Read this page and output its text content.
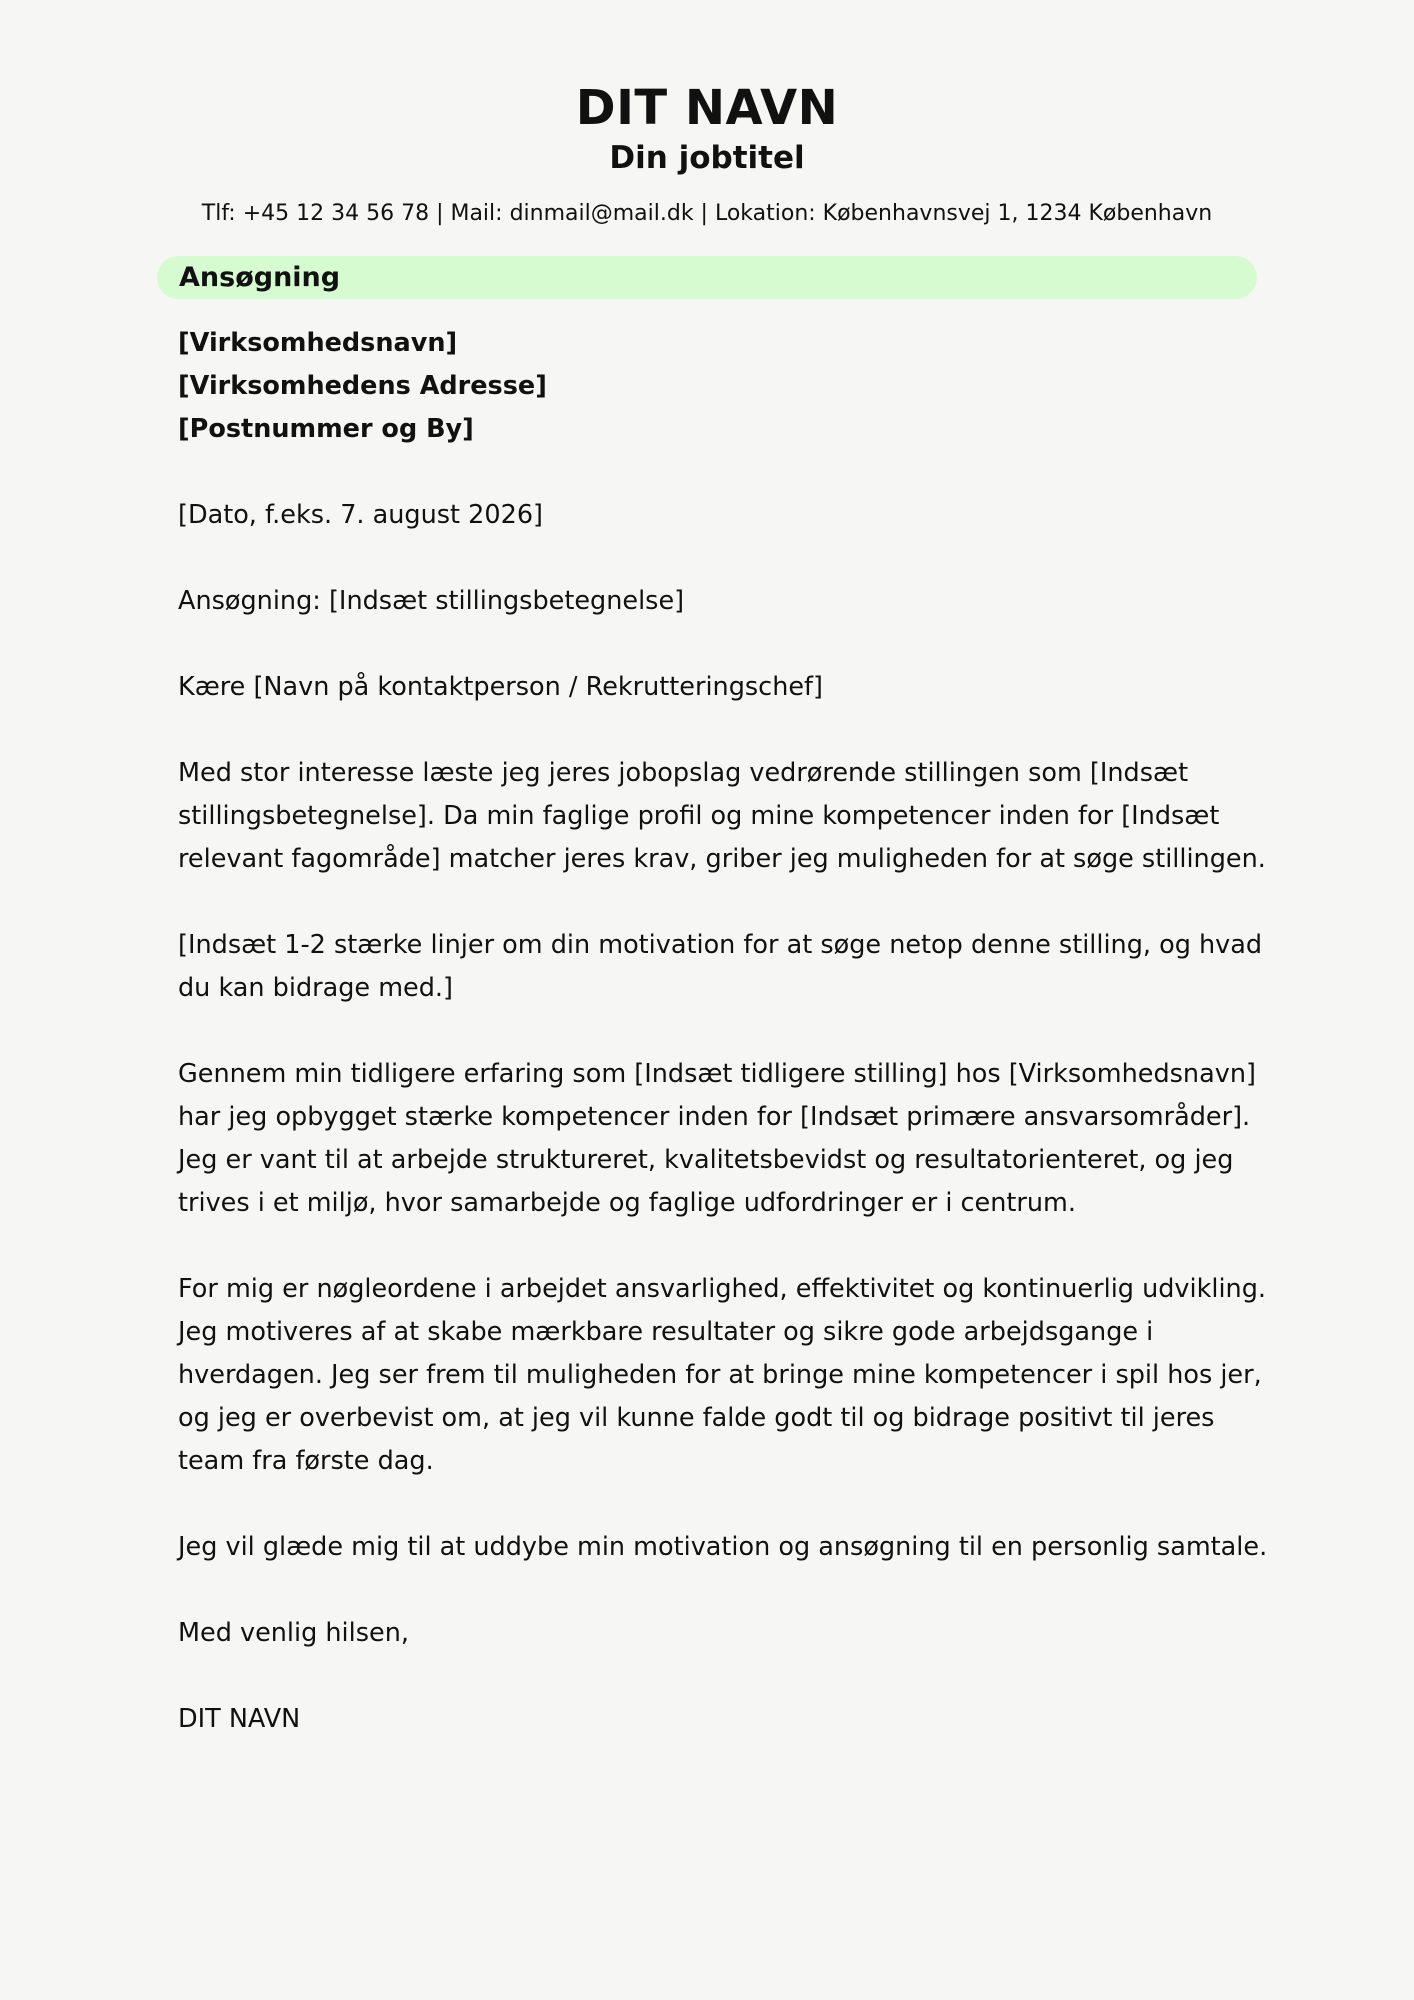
DIT NAVN
Din jobtitel
Tlf: +45 12 34 56 78 | Mail: dinmail@mail.dk | Lokation: Københavnsvej 1, 1234 København
Ansøgning

[Virksomhedsnavn]

[Virksomhedens Adresse]

[Postnummer og By]

[Dato, f.eks. 7. august 2026]

Ansøgning: [Indsæt stillingsbetegnelse]

Kære [Navn på kontaktperson / Rekrutteringschef]

Med stor interesse læste jeg jeres jobopslag vedrørende stillingen som [Indsæt stillingsbetegnelse]. Da min faglige profil og mine kompetencer inden for [Indsæt relevant fagområde] matcher jeres krav, griber jeg muligheden for at søge stillingen.

[Indsæt 1-2 stærke linjer om din motivation for at søge netop denne stilling, og hvad du kan bidrage med.]

Gennem min tidligere erfaring som [Indsæt tidligere stilling] hos [Virksomhedsnavn] har jeg opbygget stærke kompetencer inden for [Indsæt primære ansvarsområder]. Jeg er vant til at arbejde struktureret, kvalitetsbevidst og resultatorienteret, og jeg trives i et miljø, hvor samarbejde og faglige udfordringer er i centrum.

For mig er nøgleordene i arbejdet ansvarlighed, effektivitet og kontinuerlig udvikling. Jeg motiveres af at skabe mærkbare resultater og sikre gode arbejdsgange i hverdagen. Jeg ser frem til muligheden for at bringe mine kompetencer i spil hos jer, og jeg er overbevist om, at jeg vil kunne falde godt til og bidrage positivt til jeres team fra første dag.

Jeg vil glæde mig til at uddybe min motivation og ansøgning til en personlig samtale.

Med venlig hilsen,

DIT NAVN
